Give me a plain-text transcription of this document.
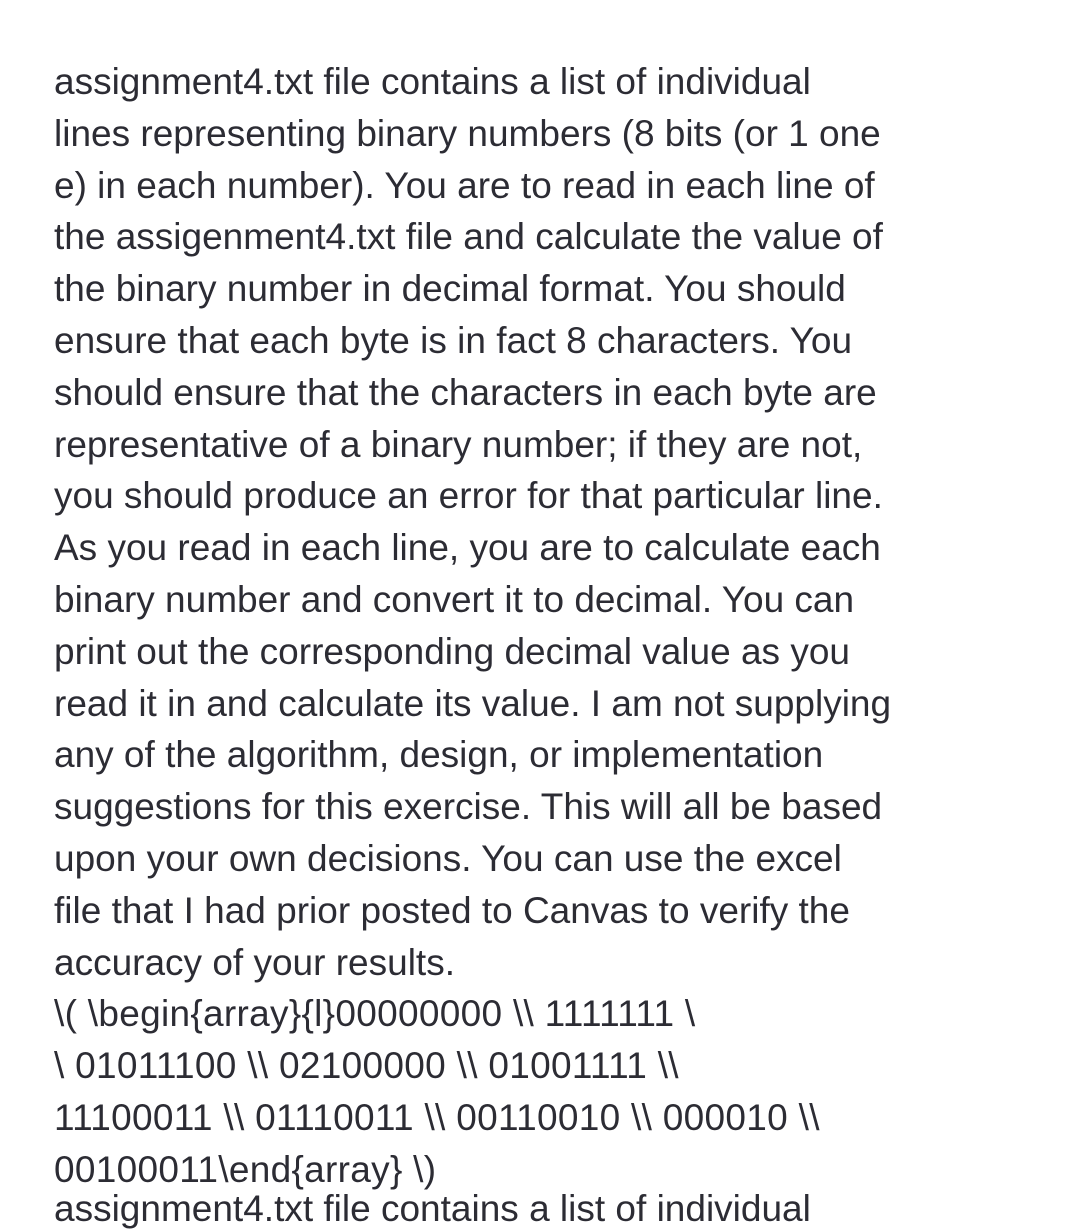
assignment4.txt file contains a list of individual
lines representing binary numbers (8 bits (or 1 one
e) in each number). You are to read in each line of
the assigenment4.txt file and calculate the value of
the binary number in decimal format. You should
ensure that each byte is in fact 8 characters. You
should ensure that the characters in each byte are
representative of a binary number; if they are not,
you should produce an error for that particular line.
As you read in each line, you are to calculate each
binary number and convert it to decimal. You can
print out the corresponding decimal value as you
read it in and calculate its value. I am not supplying
any of the algorithm, design, or implementation
suggestions for this exercise. This will all be based
upon your own decisions. You can use the excel
file that I had prior posted to Canvas to verify the
accuracy of your results.
\( \begin{array}{l}00000000 \\ 1111111 \
\ 01011100 \\ 02100000 \\ 01001111 \\
11100011 \\ 01110011 \\ 00110010 \\ 000010 \\
00100011\end{array} \)
assignment4.txt file contains a list of individual
